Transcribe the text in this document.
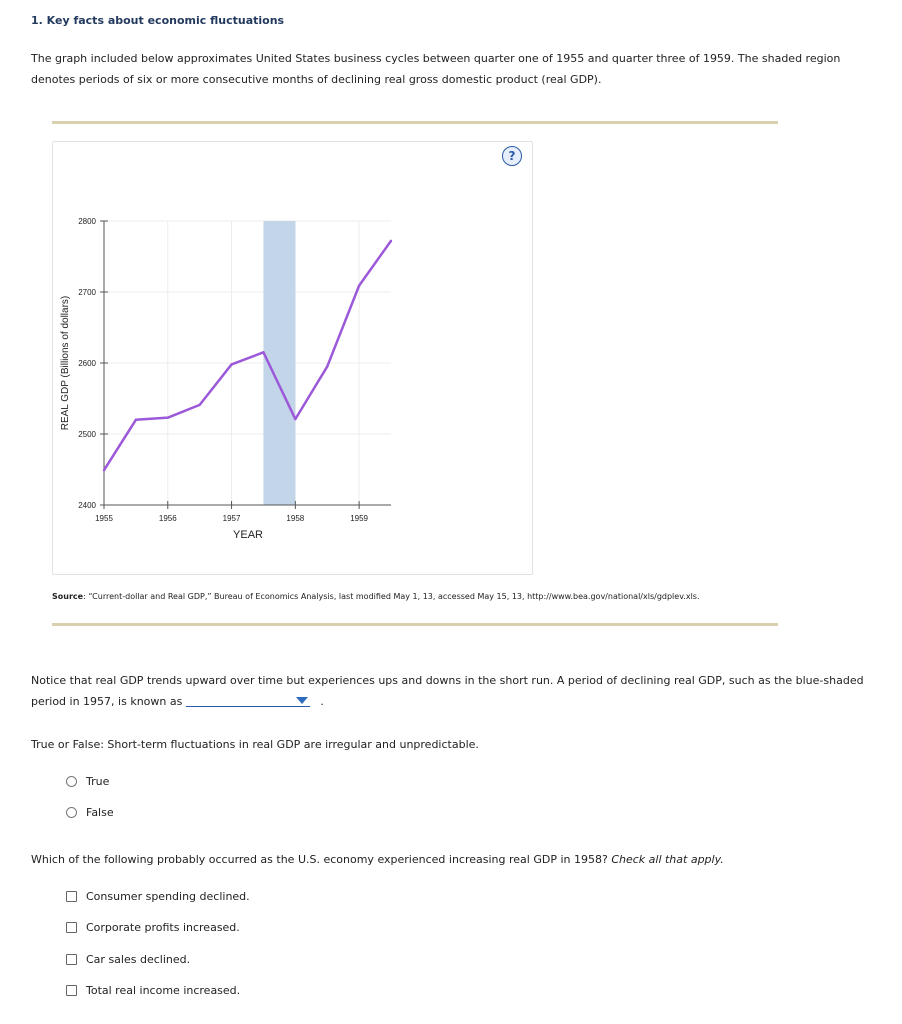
1. Key facts about economic fluctuations
The graph included below approximates United States business cycles between quarter one of 1955 and quarter three of 1959. The shaded region denotes periods of six or more consecutive months of declining real gross domestic product (real GDP).
?
2800
2700
2600
2500
2400
1955	1956	1957	1958	1959
YEAR
REAL GDP (Billions of dollars)
Source: “Current-dollar and Real GDP,” Bureau of Economics Analysis, last modified May 1, 13, accessed May 15, 13, http://www.bea.gov/national/xls/gdplev.xls.
Notice that real GDP trends upward over time but experiences ups and downs in the short run. A period of declining real GDP, such as the blue-shaded period in 1957, is known as	.
True or False: Short-term fluctuations in real GDP are irregular and unpredictable.
True
False
Which of the following probably occurred as the U.S. economy experienced increasing real GDP in 1958? Check all that apply.
Consumer spending declined.
Corporate profits increased.
Car sales declined.
Total real income increased.
